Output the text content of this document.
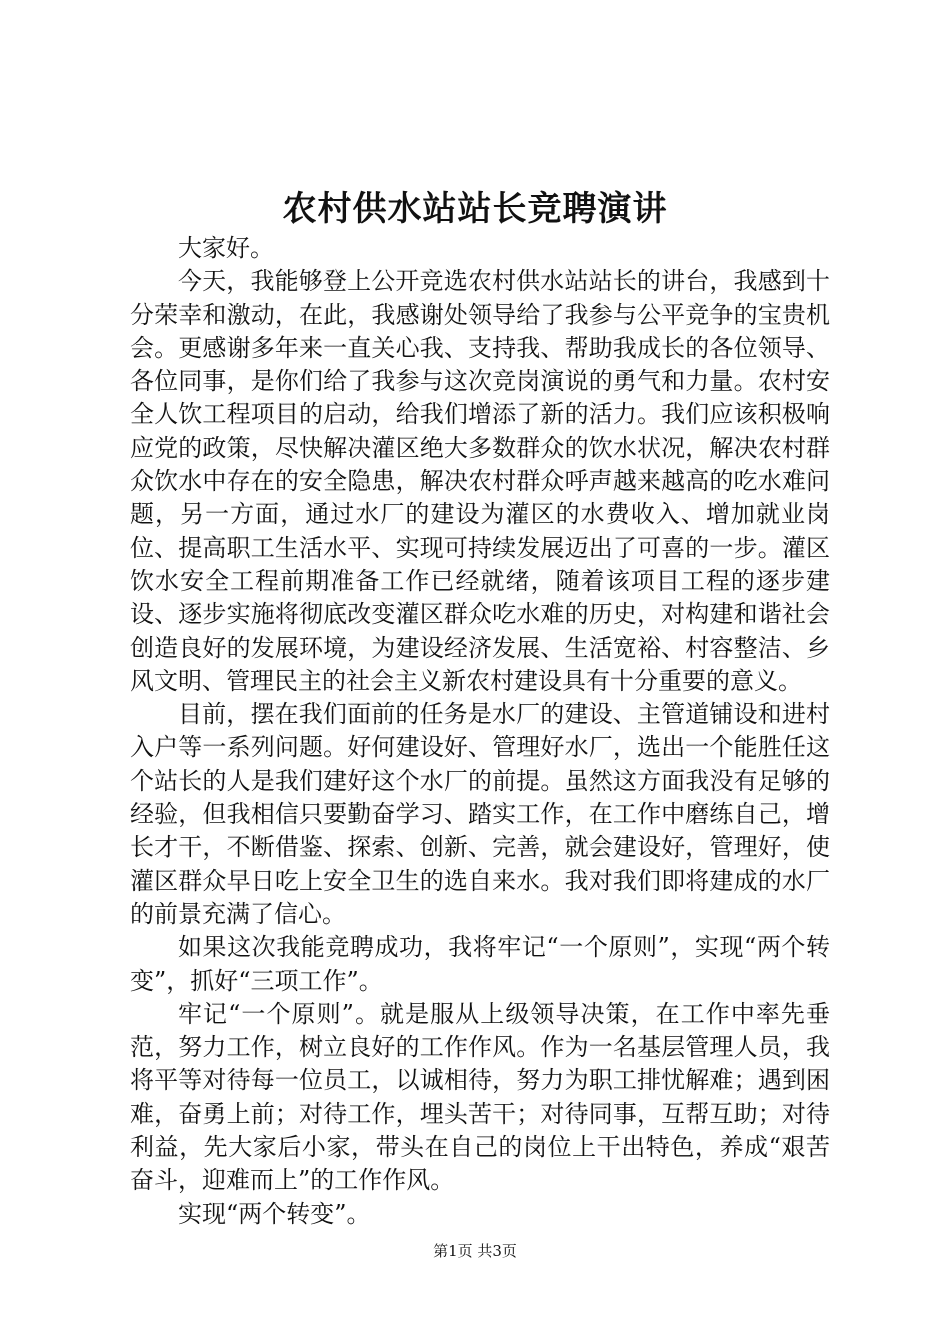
农村供水站站长竞聘演讲

大家好。

今天，我能够登上公开竞选农村供水站站长的讲台，我感到十分荣幸和激动，在此，我感谢处领导给了我参与公平竞争的宝贵机会。更感谢多年来一直关心我、支持我、帮助我成长的各位领导、各位同事，是你们给了我参与这次竞岗演说的勇气和力量。农村安全人饮工程项目的启动，给我们增添了新的活力。我们应该积极响应党的政策，尽快解决灌区绝大多数群众的饮水状况，解决农村群众饮水中存在的安全隐患，解决农村群众呼声越来越高的吃水难问题，另一方面，通过水厂的建设为灌区的水费收入、增加就业岗位、提高职工生活水平、实现可持续发展迈出了可喜的一步。灌区饮水安全工程前期准备工作已经就绪，随着该项目工程的逐步建设、逐步实施将彻底改变灌区群众吃水难的历史，对构建和谐社会创造良好的发展环境，为建设经济发展、生活宽裕、村容整洁、乡风文明、管理民主的社会主义新农村建设具有十分重要的意义。

目前，摆在我们面前的任务是水厂的建设、主管道铺设和进村入户等一系列问题。好何建设好、管理好水厂，选出一个能胜任这个站长的人是我们建好这个水厂的前提。虽然这方面我没有足够的经验，但我相信只要勤奋学习、踏实工作，在工作中磨练自己，增长才干，不断借鉴、探索、创新、完善，就会建设好，管理好，使灌区群众早日吃上安全卫生的选自来水。我对我们即将建成的水厂的前景充满了信心。

如果这次我能竞聘成功，我将牢记“一个原则”，实现“两个转变”，抓好“三项工作”。

牢记“一个原则”。就是服从上级领导决策，在工作中率先垂范，努力工作，树立良好的工作作风。作为一名基层管理人员，我将平等对待每一位员工，以诚相待，努力为职工排忧解难；遇到困难，奋勇上前；对待工作，埋头苦干；对待同事，互帮互助；对待利益，先大家后小家，带头在自己的岗位上干出特色，养成“艰苦奋斗，迎难而上”的工作作风。

实现“两个转变”。

第1页 共3页
